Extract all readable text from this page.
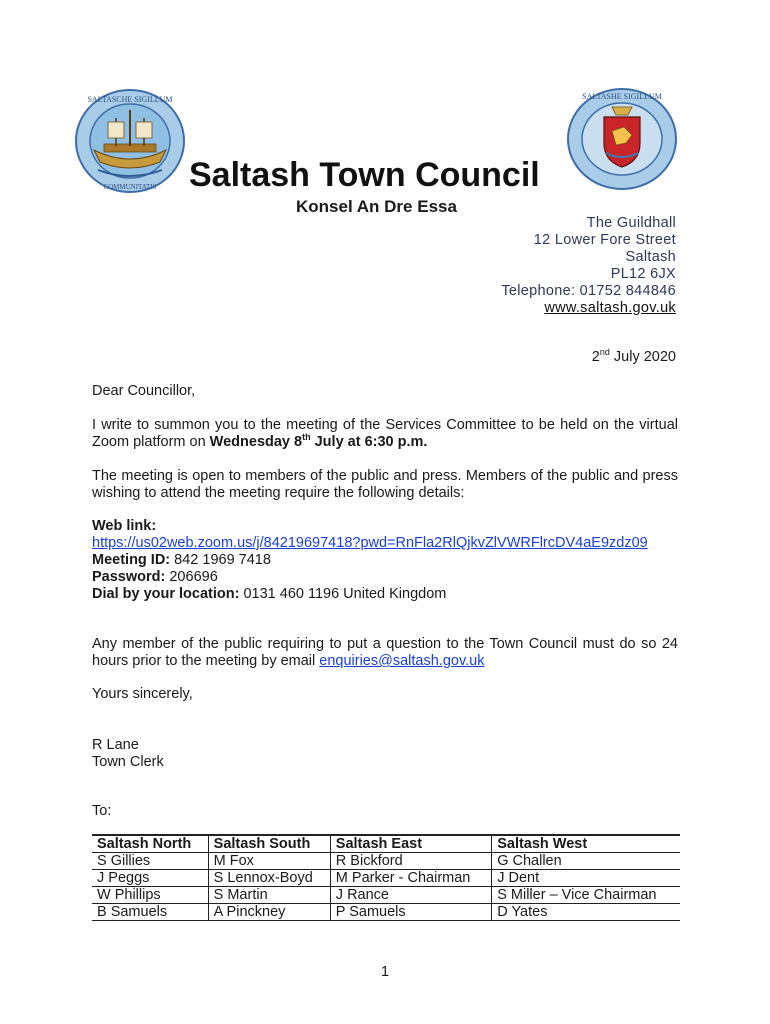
SALTASCHE SIGILLUM
COMMUNITATIS
SALTASHE SIGILLUM
Saltash Town Council
Konsel An Dre Essa
The Guildhall
12 Lower Fore Street
Saltash
PL12 6JX
Telephone: 01752 844846
www.saltash.gov.uk
2nd July 2020
Dear Councillor,
I write to summon you to the meeting of the Services Committee to be held on the virtual Zoom platform on Wednesday 8th July at 6:30 p.m.
The meeting is open to members of the public and press. Members of the public and press wishing to attend the meeting require the following details:
Web link:
https://us02web.zoom.us/j/84219697418?pwd=RnFla2RlQjkvZlVWRFlrcDV4aE9zdz09
Meeting ID: 842 1969 7418
Password: 206696
Dial by your location: 0131 460 1196 United Kingdom
Any member of the public requiring to put a question to the Town Council must do so 24 hours prior to the meeting by email enquiries@saltash.gov.uk
Yours sincerely,
R Lane
Town Clerk
To:
Saltash North	Saltash South	Saltash East	Saltash West
S Gillies	M Fox	R Bickford	G Challen
J Peggs	S Lennox-Boyd	M Parker - Chairman	J Dent
W Phillips	S Martin	J Rance	S Miller – Vice Chairman
B Samuels	A Pinckney	P Samuels	D Yates
1
